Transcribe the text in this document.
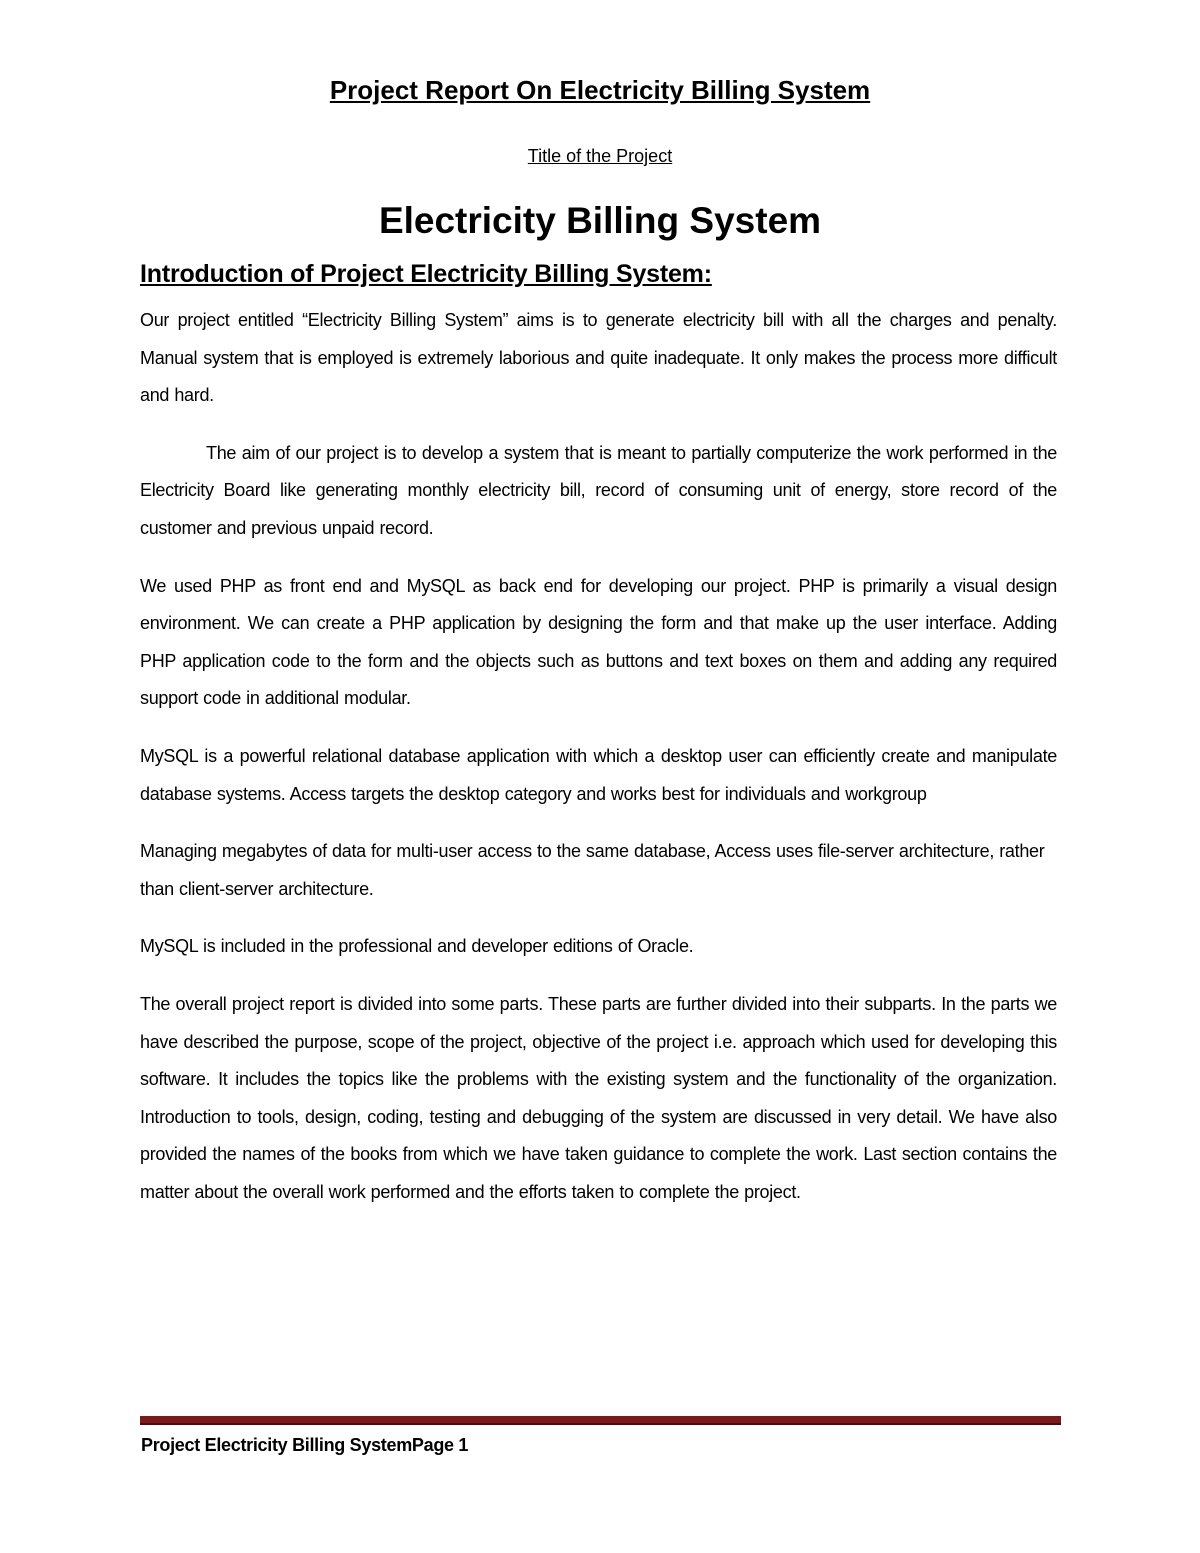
Project Report On Electricity Billing System
Title of the Project
Electricity Billing System
Introduction of Project Electricity Billing System:

Our project entitled “Electricity Billing System” aims is to generate electricity bill with all the charges and penalty. Manual system that is employed is extremely laborious and quite inadequate. It only makes the process more difficult and hard.

The aim of our project is to develop a system that is meant to partially computerize the work performed in the Electricity Board like generating monthly electricity bill, record of consuming unit of energy, store record of the customer and previous unpaid record.

We used PHP as front end and MySQL as back end for developing our project. PHP is primarily a visual design environment. We can create a PHP application by designing the form and that make up the user interface. Adding PHP application code to the form and the objects such as buttons and text boxes on them and adding any required support code in additional modular.

MySQL is a powerful relational database application with which a desktop user can efficiently create and manipulate database systems. Access targets the desktop category and works best for individuals and workgroup

Managing megabytes of data for multi-user access to the same database, Access uses file-server architecture, rather than client-server architecture.

MySQL is included in the professional and developer editions of Oracle.

The overall project report is divided into some parts. These parts are further divided into their subparts. In the parts we have described the purpose, scope of the project, objective of the project i.e. approach which used for developing this software. It includes the topics like the problems with the existing system and the functionality of the organization. Introduction to tools, design, coding, testing and debugging of the system are discussed in very detail. We have also provided the names of the books from which we have taken guidance to complete the work. Last section contains the matter about the overall work performed and the efforts taken to complete the project.

Project Electricity Billing SystemPage 1
